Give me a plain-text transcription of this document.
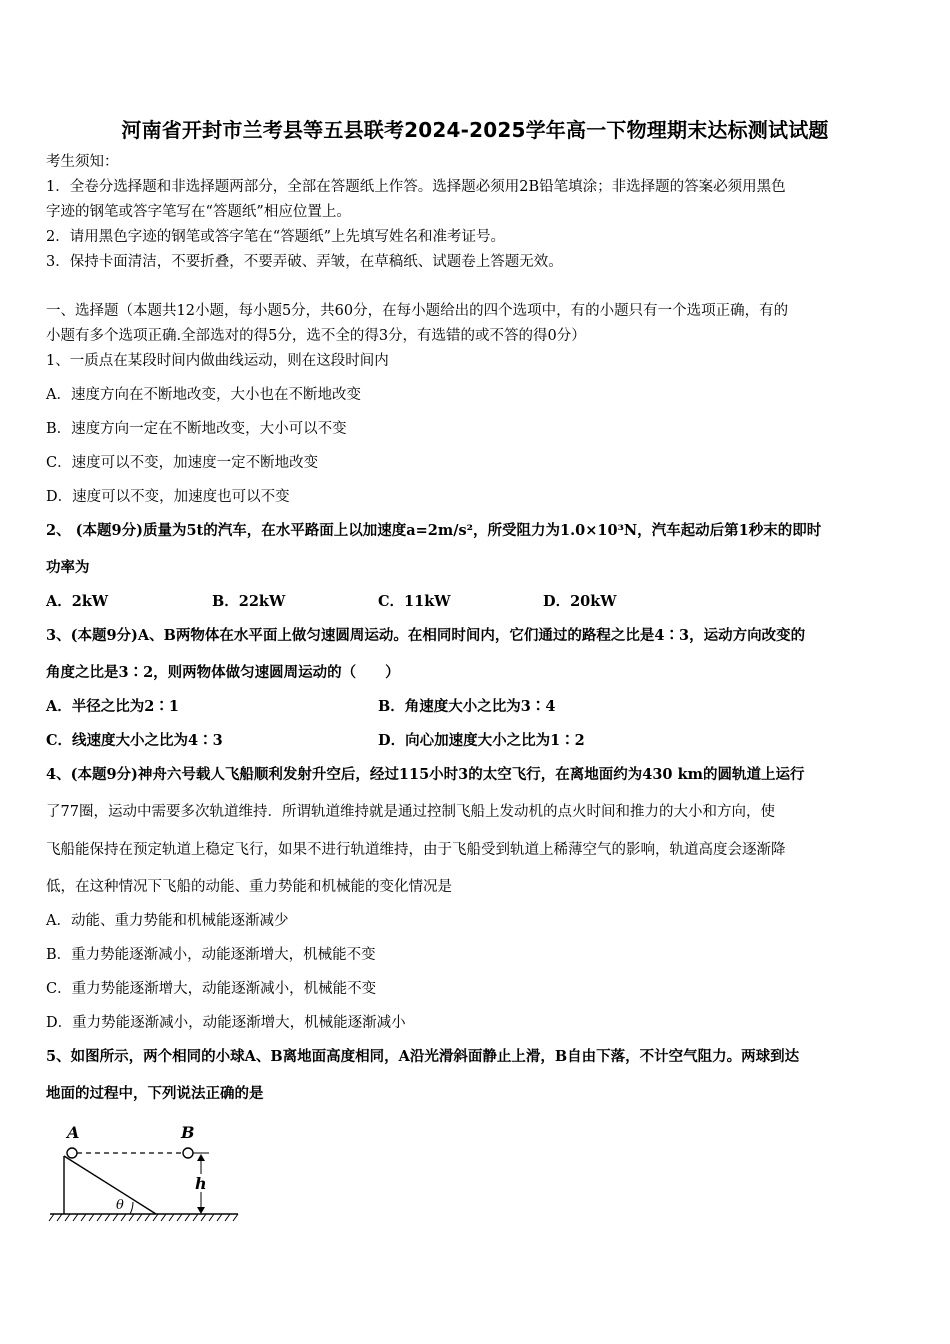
河南省开封市兰考县等五县联考2024-2025学年高一下物理期末达标测试试题
考生须知：
1．全卷分选择题和非选择题两部分，全部在答题纸上作答。选择题必须用2B铅笔填涂；非选择题的答案必须用黑色
字迹的钢笔或答字笔写在“答题纸”相应位置上。
2．请用黑色字迹的钢笔或答字笔在“答题纸”上先填写姓名和准考证号。
3．保持卡面清洁，不要折叠，不要弄破、弄皱，在草稿纸、试题卷上答题无效。
一、选择题（本题共12小题，每小题5分，共60分，在每小题给出的四个选项中，有的小题只有一个选项正确，有的
小题有多个选项正确.全部选对的得5分，选不全的得3分，有选错的或不答的得0分）
1、一质点在某段时间内做曲线运动，则在这段时间内
A．速度方向在不断地改变，大小也在不断地改变
B．速度方向一定在不断地改变，大小可以不变
C．速度可以不变，加速度一定不断地改变
D．速度可以不变，加速度也可以不变
2、 (本题9分)质量为5t的汽车，在水平路面上以加速度a=2m/s²，所受阻力为1.0×10³N，汽车起动后第1秒末的即时
功率为
A．2kW	B．22kW	C．11kW	D．20kW
3、(本题9分)A、B两物体在水平面上做匀速圆周运动。在相同时间内，它们通过的路程之比是4∶3，运动方向改变的
角度之比是3∶2，则两物体做匀速圆周运动的（　　）
A．半径之比为2∶1	B．角速度大小之比为3∶4
C．线速度大小之比为4∶3	D．向心加速度大小之比为1∶2
4、(本题9分)神舟六号载人飞船顺利发射升空后，经过115小时3的太空飞行，在离地面约为430 km的圆轨道上运行
了77圈，运动中需要多次轨道维持．所谓轨道维持就是通过控制飞船上发动机的点火时间和推力的大小和方向，使
飞船能保持在预定轨道上稳定飞行，如果不进行轨道维持，由于飞船受到轨道上稀薄空气的影响，轨道高度会逐渐降
低，在这种情况下飞船的动能、重力势能和机械能的变化情况是
A．动能、重力势能和机械能逐渐减少
B．重力势能逐渐减小，动能逐渐增大，机械能不变
C．重力势能逐渐增大，动能逐渐减小，机械能不变
D．重力势能逐渐减小，动能逐渐增大，机械能逐渐减小
5、如图所示，两个相同的小球A、B离地面高度相同，A沿光滑斜面静止上滑，B自由下落，不计空气阻力。两球到达
地面的过程中，下列说法正确的是
θ
A	B
h
